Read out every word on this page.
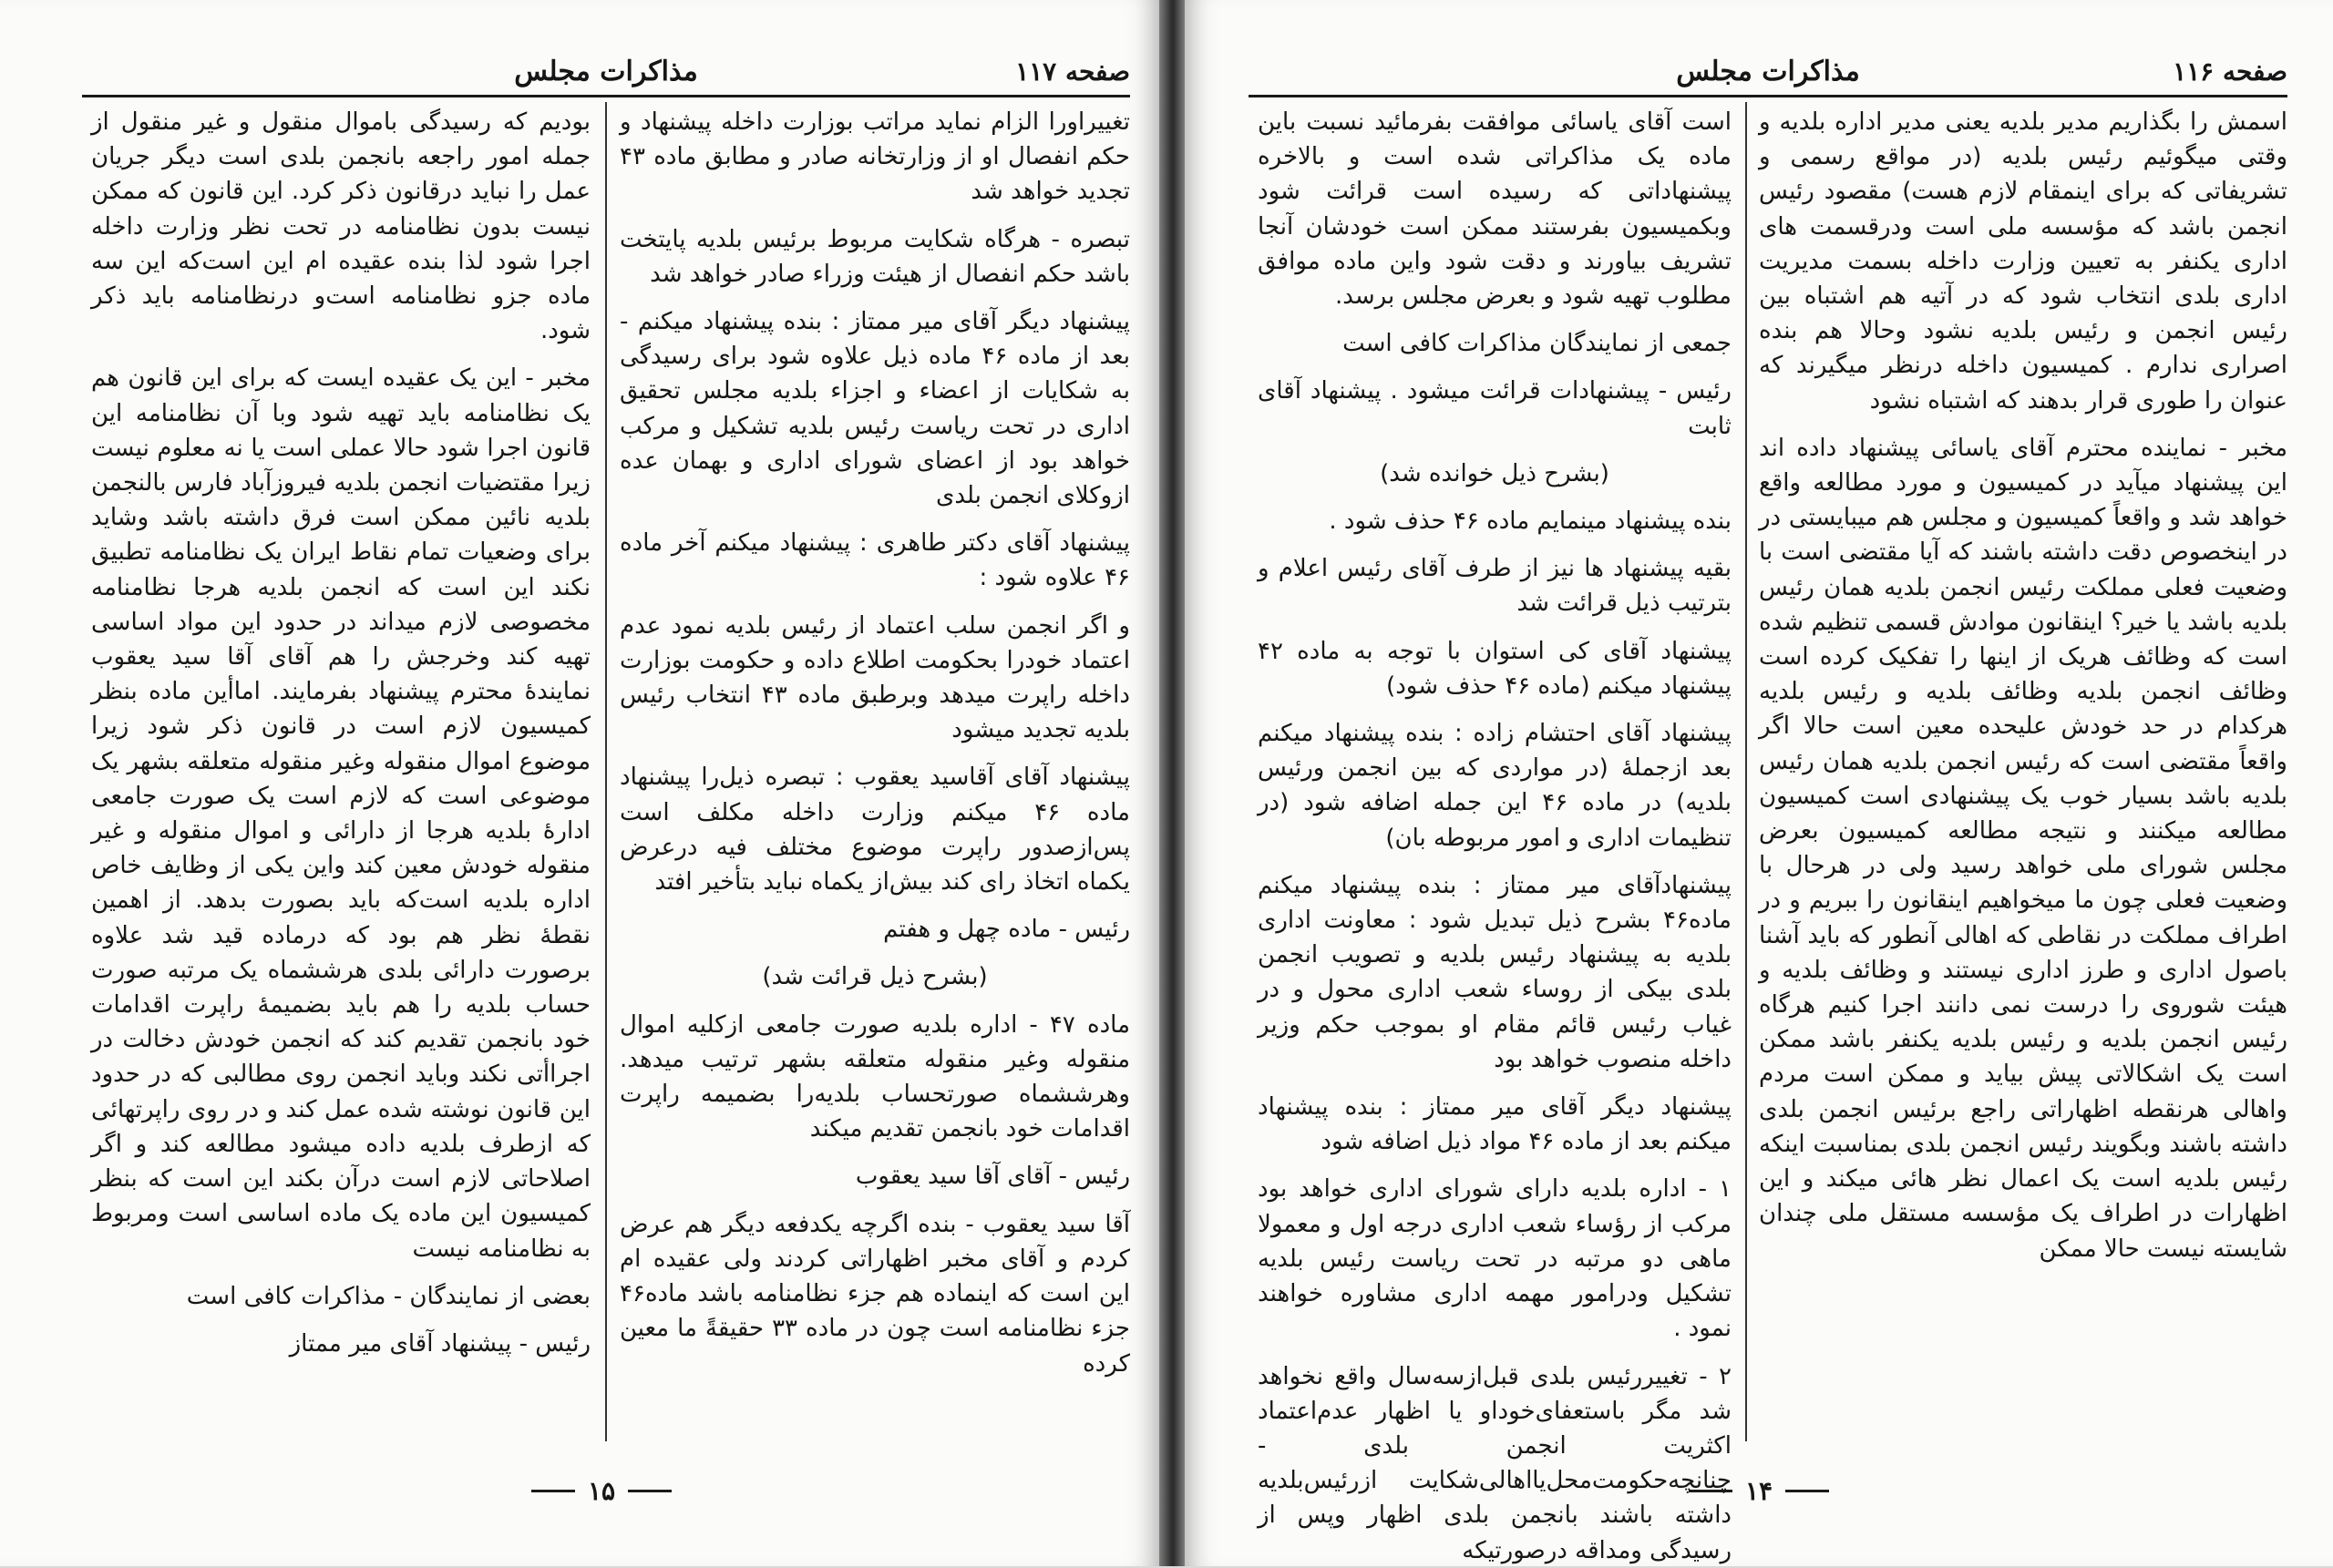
صفحه ۱۱۷
مذاکرات مجلس

تغییراورا الزام نماید مراتب بوزارت داخله پیشنهاد و حکم انفصال او از وزارتخانه صادر و مطابق ماده ۴۳ تجدید خواهد شد

تبصره - هرگاه شکایت مربوط برئیس بلدیه پایتخت باشد حکم انفصال از هیئت وزراء صادر خواهد شد

پیشنهاد دیگر آقای میر ممتاز : بنده پیشنهاد میکنم - بعد از ماده ۴۶ ماده ذیل علاوه شود برای رسیدگی به شکایات از اعضاء و اجزاء بلدیه مجلس تحقیق اداری در تحت ریاست رئیس بلدیه تشکیل و مرکب خواهد بود از اعضای شورای اداری و بهمان عده ازوکلای انجمن بلدی

پیشنهاد آقای دکتر طاهری : پیشنهاد میکنم آخر ماده ۴۶ علاوه شود :

و اگر انجمن سلب اعتماد از رئیس بلدیه نمود عدم اعتماد خودرا بحکومت اطلاع داده و حکومت بوزارت داخله راپرت میدهد وبرطبق ماده ۴۳ انتخاب رئیس بلدیه تجدید میشود

پیشنهاد آقای آقاسید یعقوب : تبصره ذیل‌را پیشنهاد ماده ۴۶ میکنم وزارت داخله مکلف است پس‌ازصدور راپرت موضوع مختلف فیه درعرض یکماه اتخاذ رای کند بیش‌از یکماه نباید بتأخیر افتد

رئیس - ماده چهل و هفتم

(بشرح ذیل قرائت شد)

ماده ۴۷ - اداره بلدیه صورت جامعی ازکلیه اموال منقوله وغیر منقوله متعلقه بشهر ترتیب میدهد. وهرششماه صورتحساب بلدیه‌را بضمیمه راپرت اقدامات خود بانجمن تقدیم میکند

رئیس - آقای آقا سید یعقوب

آقا سید یعقوب - بنده اگرچه یکدفعه دیگر هم عرض کردم و آقای مخبر اظهاراتی کردند ولی عقیده ام این است که اینماده هم جزء نظامنامه باشد ماده۴۶ جزء نظامنامه است چون در ماده ۳۳ حقیقةً ما معین کرده

بودیم که رسیدگی باموال منقول و غیر منقول از جمله امور راجعه بانجمن بلدی است دیگر جریان عمل را نباید درقانون ذکر کرد. این قانون که ممکن نیست بدون نظامنامه در تحت نظر وزارت داخله اجرا شود لذا بنده عقیده ام این است‌که این سه ماده جزو نظامنامه است‌و درنظامنامه باید ذکر شود.

مخبر - این یک عقیده ایست که برای این قانون هم یک نظامنامه باید تهیه شود وبا آن نظامنامه این قانون اجرا شود حالا عملی است یا نه معلوم نیست زیرا مقتضیات انجمن بلدیه فیروزآباد فارس بالنجمن بلدیه نائین ممکن است فرق داشته باشد وشاید برای وضعیات تمام نقاط ایران یک نظامنامه تطبیق نکند این است که انجمن بلدیه هرجا نظامنامه مخصوصی لازم میداند در حدود این مواد اساسی تهیه کند وخرجش را هم آقای آقا سید یعقوب نمایندهٔ محترم پیشنهاد بفرمایند. اماأین ماده بنظر کمیسیون لازم است در قانون ذکر شود زیرا موضوع اموال منقوله وغیر منقوله متعلقه بشهر یک موضوعی است که لازم است یک صورت جامعی ادارهٔ بلدیه هرجا از دارائی و اموال منقوله و غیر منقوله خودش معین کند واین یکی از وظایف خاص اداره بلدیه است‌که باید بصورت بدهد. از اهمین نقطهٔ نظر هم بود که درماده قید شد علاوه برصورت دارائی بلدی هرششماه یک مرتبه صورت حساب بلدیه را هم باید بضمیمهٔ راپرت اقدامات خود بانجمن تقدیم کند که انجمن خودش دخالت در اجراأتی نکند وباید انجمن روی مطالبی که در حدود این قانون نوشته شده عمل کند و در روی راپرتهائی که ازطرف بلدیه داده میشود مطالعه کند و اگر اصلاحاتی لازم است درآن بکند این است که بنظر کمیسیون این ماده یک ماده اساسی است ومربوط به نظامنامه نیست

بعضی از نمایندگان - مذاکرات کافی است

رئیس - پیشنهاد آقای میر ممتاز

۱۵
صفحه ۱۱۶
مذاکرات مجلس

اسمش را بگذاریم مدیر بلدیه یعنی مدیر اداره بلدیه و وقتی میگوئیم رئیس بلدیه (در مواقع رسمی و تشریفاتی که برای اینمقام لازم هست) مقصود رئیس انجمن باشد که مؤسسه ملی است ودرقسمت های اداری یکنفر به تعیین وزارت داخله بسمت مدیریت اداری بلدی انتخاب شود که در آتیه هم اشتباه بین رئیس انجمن و رئیس بلدیه نشود وحالا هم بنده اصراری ندارم . کمیسیون داخله درنظر میگیرند که عنوان را طوری قرار بدهند که اشتباه نشود

مخبر - نماینده محترم آقای یاسائی پیشنهاد داده اند این پیشنهاد میآید در کمیسیون و مورد مطالعه واقع خواهد شد و واقعاً کمیسیون و مجلس هم میبایستی در در اینخصوص دقت داشته باشند که آیا مقتضی است با وضعیت فعلی مملکت رئیس انجمن بلدیه همان رئیس بلدیه باشد یا خیر؟ اینقانون موادش قسمی تنظیم شده است که وظائف هریک از اینها را تفکیک کرده است وظائف انجمن بلدیه وظائف بلدیه و رئیس بلدیه هرکدام در حد خودش علیحده معین است حالا اگر واقعاً مقتضی است که رئیس انجمن بلدیه همان رئیس بلدیه باشد بسیار خوب یک پیشنهادی است کمیسیون مطالعه میکنند و نتیجه مطالعه کمیسیون بعرض مجلس شورای ملی خواهد رسید ولی در هرحال با وضعیت فعلی چون ما میخواهیم اینقانون را ببریم و در اطراف مملکت در نقاطی که اهالی آنطور که باید آشنا باصول اداری و طرز اداری نیستند و وظائف بلدیه و هیئت شوروی را درست نمی دانند اجرا کنیم هرگاه رئیس انجمن بلدیه و رئیس بلدیه یکنفر باشد ممکن است یک اشکالاتی پیش بیاید و ممکن است مردم واهالی هرنقطه اظهاراتی راجع برئیس انجمن بلدی داشته باشند وبگویند رئیس انجمن بلدی بمناسبت اینکه رئیس بلدیه است یک اعمال نظر هائی میکند و این اظهارات در اطراف یک مؤسسه مستقل ملی چندان شایسته نیست حالا ممکن

است آقای یاسائی موافقت بفرمائید نسبت باین ماده یک مذاکراتی شده است و بالاخره پیشنهاداتی که رسیده است قرائت شود وبکمیسیون بفرستند ممکن است خودشان آنجا تشریف بیاورند و دقت شود واین ماده موافق مطلوب تهیه شود و بعرض مجلس برسد.

جمعی از نمایندگان مذاکرات کافی است

رئیس - پیشنهادات قرائت میشود . پیشنهاد آقای ثابت

(بشرح ذیل خوانده شد)

بنده پیشنهاد مینمایم ماده ۴۶ حذف شود .

بقیه پیشنهاد ها نیز از طرف آقای رئیس اعلام و بترتیب ذیل قرائت شد

پیشنهاد آقای کی استوان با توجه به ماده ۴۲ پیشنهاد میکنم (ماده ۴۶ حذف شود)

پیشنهاد آقای احتشام زاده : بنده پیشنهاد میکنم بعد ازجملهٔ (در مواردی که بین انجمن ورئیس بلدیه) در ماده ۴۶ این جمله اضافه شود (در تنظیمات اداری و امور مربوطه بان)

پیشنهادآقای میر ممتاز : بنده پیشنهاد میکنم ماده۴۶ بشرح ذیل تبدیل شود : معاونت اداری بلدیه به پیشنهاد رئیس بلدیه و تصویب انجمن بلدی بیکی از روساء شعب اداری محول و در غیاب رئیس قائم مقام او بموجب حکم وزیر داخله منصوب خواهد بود

پیشنهاد دیگر آقای میر ممتاز : بنده پیشنهاد میکنم بعد از ماده ۴۶ مواد ذیل اضافه شود

۱ - اداره بلدیه دارای شورای اداری خواهد بود مرکب از رؤساء شعب اداری درجه اول و معمولا ماهی دو مرتبه در تحت ریاست رئیس بلدیه تشکیل ودرامور مهمه اداری مشاوره خواهند نمود .

۲ - تغییررئیس بلدی قبل‌ازسه‌سال واقع نخواهد شد مگر باستعفای‌خوداو یا اظهار عدم‌اعتماد اکثریت انجمن بلدی - چنانچه‌حکومت‌محل‌یااهالی‌شکایت ازرئیس‌بلدیه داشته باشند بانجمن بلدی اظهار وپس از رسیدگی ومداقه درصورتیکه

۱۴
